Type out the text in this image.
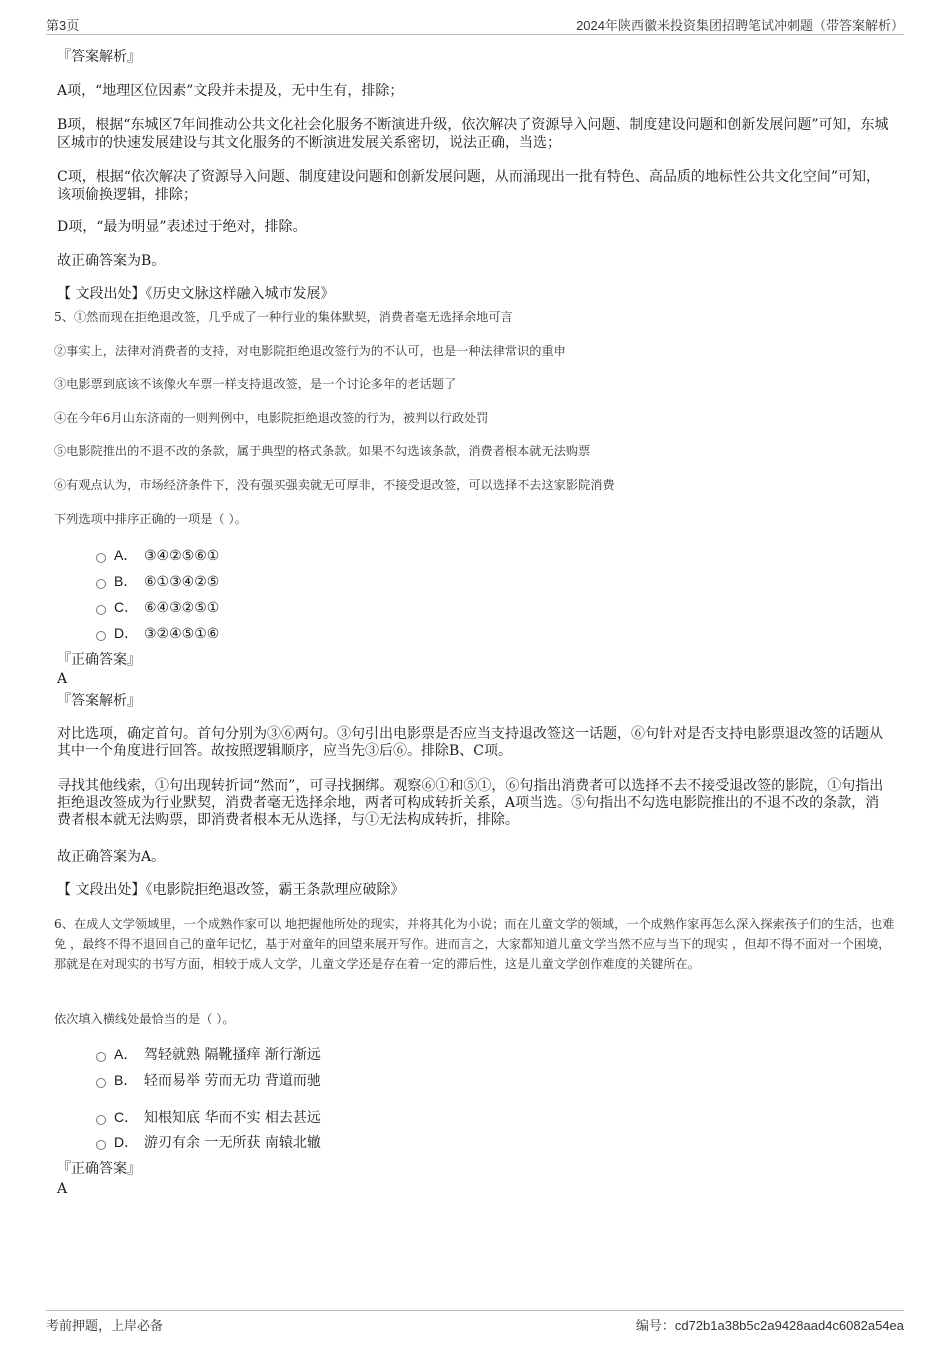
第3页	2024年陕西徽米投资集团招聘笔试冲刺题（带答案解析）
『答案解析』
A项，“地理区位因素”文段并未提及，无中生有，排除；
B项，根据“东城区7年间推动公共文化社会化服务不断演进升级，依次解决了资源导入问题、制度建设问题和创新发展问题”可知，东城区城市的快速发展建设与其文化服务的不断演进发展关系密切，说法正确，当选；
C项，根据“依次解决了资源导入问题、制度建设问题和创新发展问题，从而涌现出一批有特色、高品质的地标性公共文化空间”可知，该项偷换逻辑，排除；
D项，“最为明显”表述过于绝对，排除。
故正确答案为B。
【 文段出处】《历史文脉这样融入城市发展》
5、①然而现在拒绝退改签，几乎成了一种行业的集体默契，消费者毫无选择余地可言
②事实上，法律对消费者的支持，对电影院拒绝退改签行为的不认可，也是一种法律常识的重申
③电影票到底该不该像火车票一样支持退改签，是一个讨论多年的老话题了
④在今年6月山东济南的一则判例中，电影院拒绝退改签的行为，被判以行政处罚
⑤电影院推出的不退不改的条款，属于典型的格式条款。如果不勾选该条款，消费者根本就无法购票
⑥有观点认为，市场经济条件下，没有强买强卖就无可厚非，不接受退改签，可以选择不去这家影院消费
下列选项中排序正确的一项是（ ）。
A． ③④②⑤⑥①
B． ⑥①③④②⑤
C． ⑥④③②⑤①
D． ③②④⑤①⑥
『正确答案』
A
『答案解析』
对比选项，确定首句。首句分别为③⑥两句。③句引出电影票是否应当支持退改签这一话题，⑥句针对是否支持电影票退改签的话题从其中一个角度进行回答。故按照逻辑顺序，应当先③后⑥。排除B、C项。
寻找其他线索，①句出现转折词“然而”，可寻找捆绑。观察⑥①和⑤①，⑥句指出消费者可以选择不去不接受退改签的影院，①句指出拒绝退改签成为行业默契，消费者毫无选择余地，两者可构成转折关系，A项当选。⑤句指出不勾选电影院推出的不退不改的条款，消费者根本就无法购票，即消费者根本无从选择，与①无法构成转折，排除。
故正确答案为A。
【 文段出处】《电影院拒绝退改签，霸王条款理应破除》
6、在成人文学领域里，一个成熟作家可以 地把握他所处的现实，并将其化为小说；而在儿童文学的领域，一个成熟作家再怎么深入探索孩子们的生活，也难免 ，最终不得不退回自己的童年记忆，基于对童年的回望来展开写作。进而言之，大家都知道儿童文学当然不应与当下的现实 ，但却不得不面对一个困境，那就是在对现实的书写方面，相较于成人文学，儿童文学还是存在着一定的滞后性，这是儿童文学创作难度的关键所在。
依次填入横线处最恰当的是（ ）。
A． 驾轻就熟 隔靴搔痒 渐行渐远
B． 轻而易举 劳而无功 背道而驰
C． 知根知底 华而不实 相去甚远
D． 游刃有余 一无所获 南辕北辙
『正确答案』
A
考前押题，上岸必备	编号：cd72b1a38b5c2a9428aad4c6082a54ea
